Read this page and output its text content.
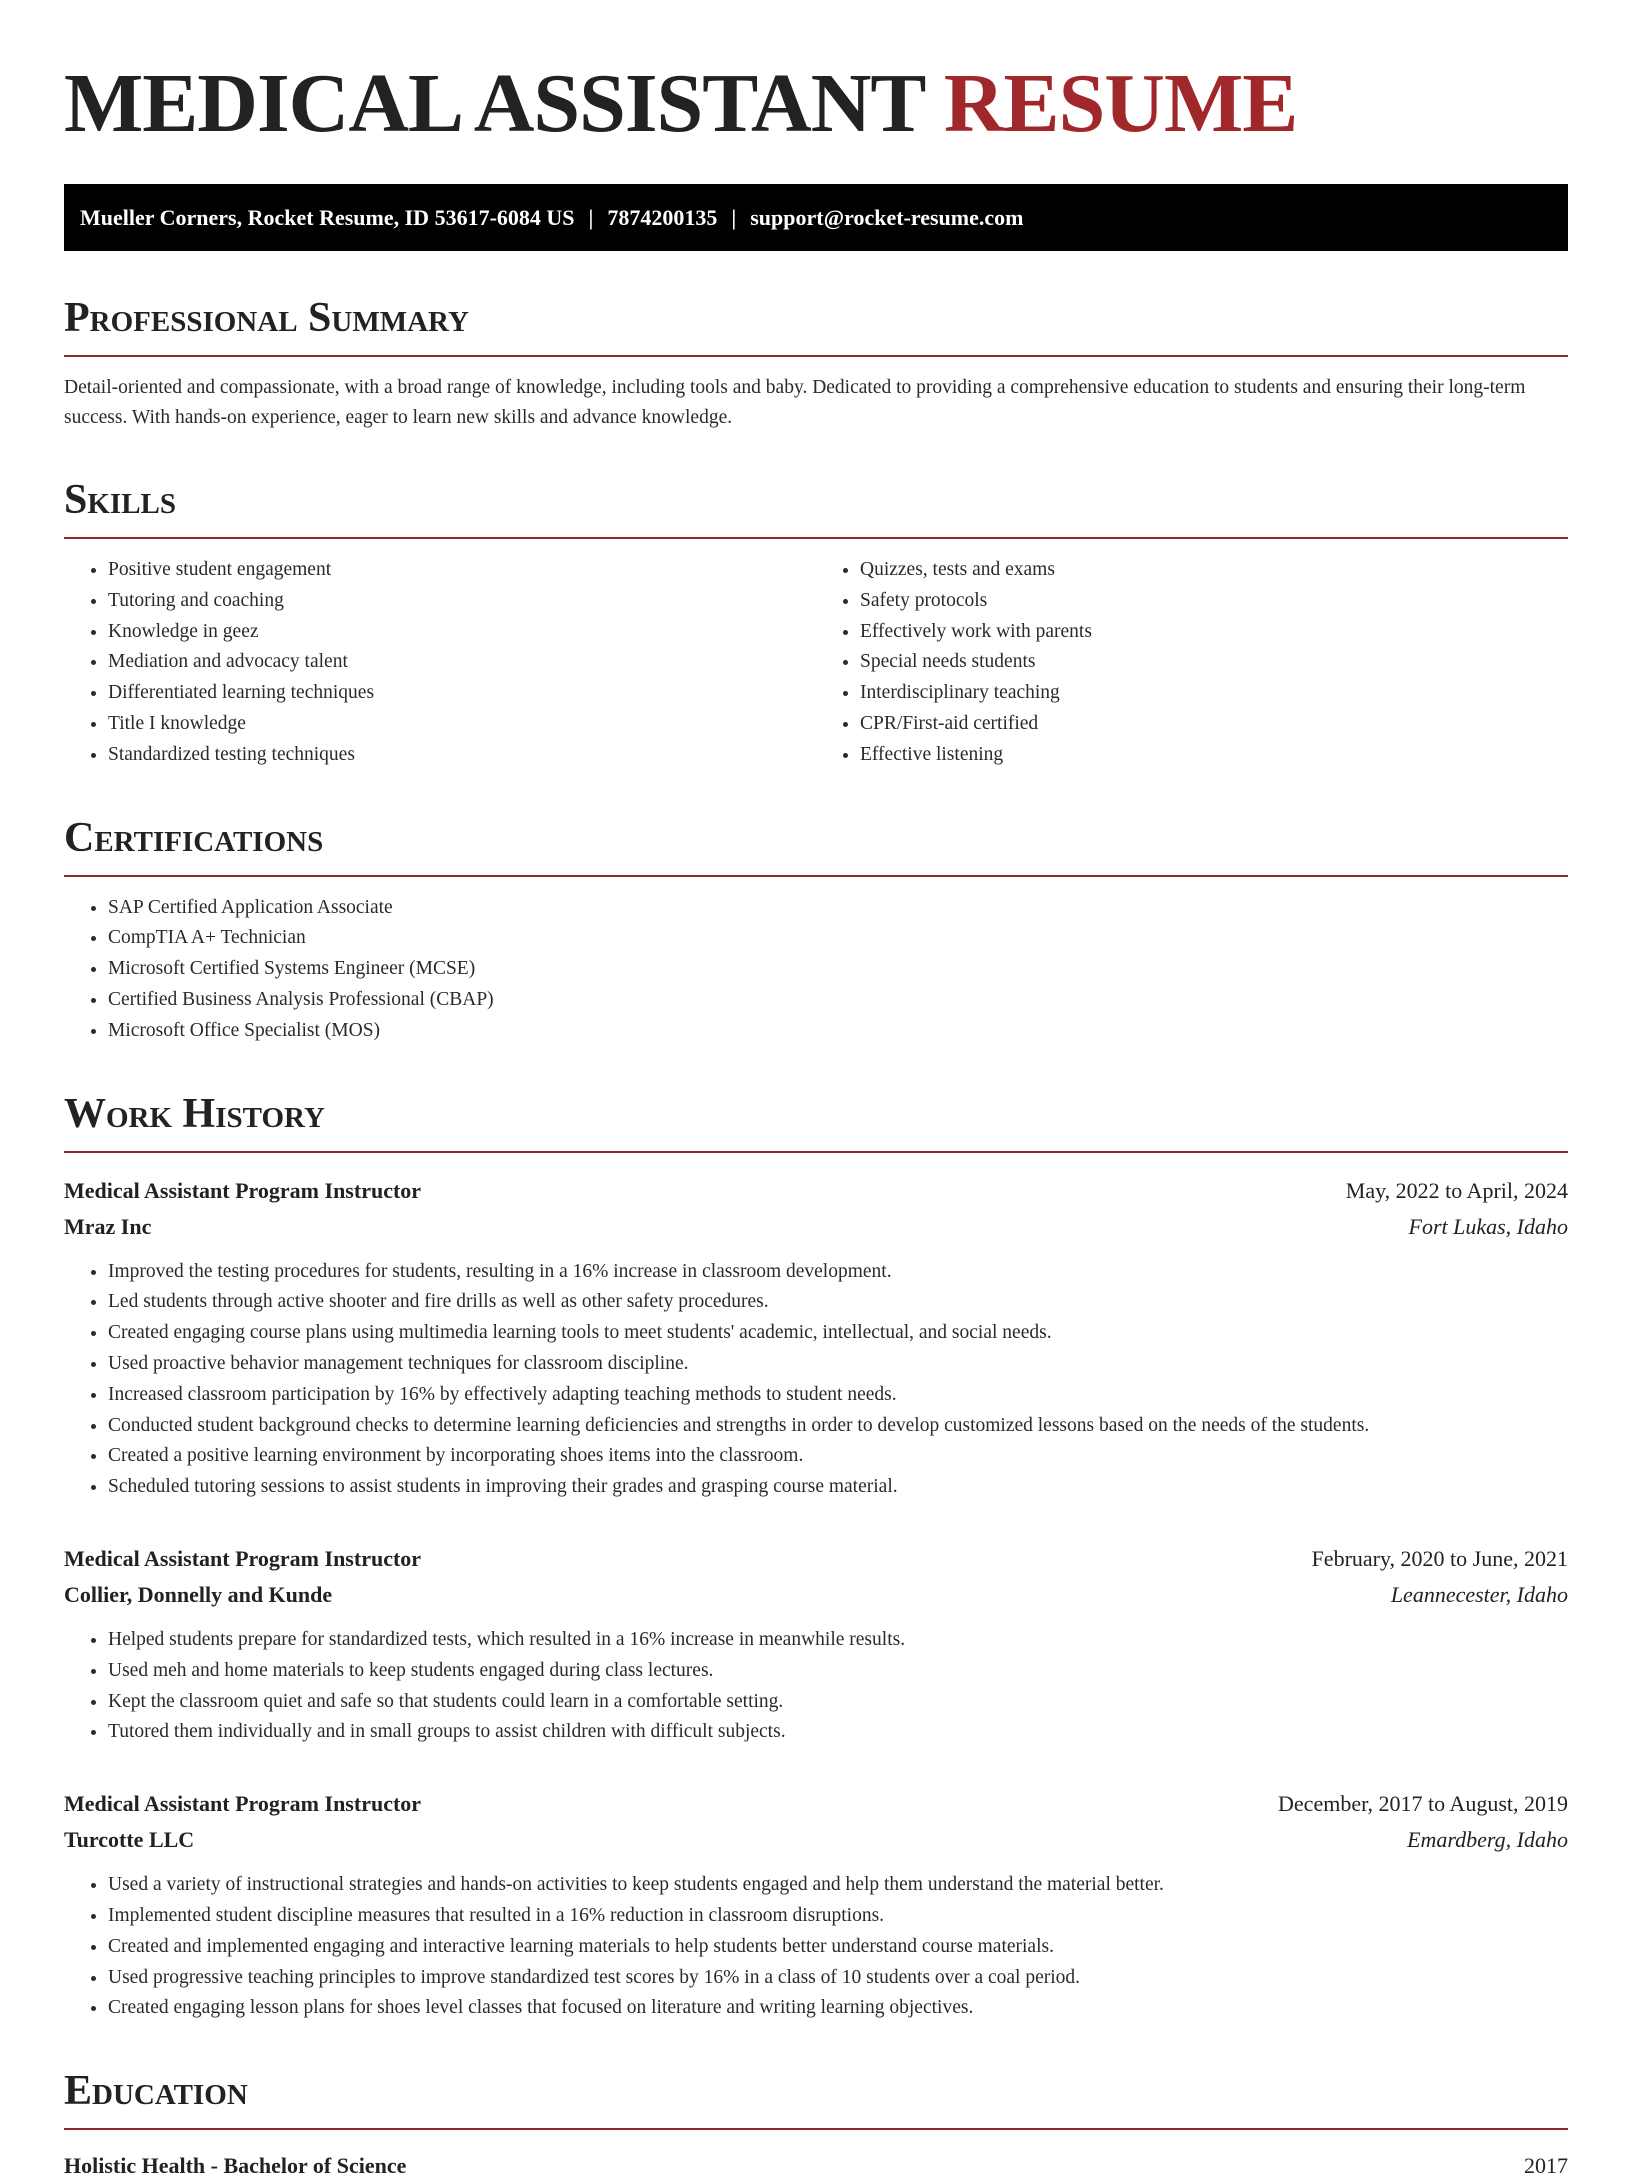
MEDICAL ASSISTANT RESUME
Mueller Corners, Rocket Resume, ID 53617-6084 US | 7874200135 | support@rocket-resume.com
Professional Summary

Detail-oriented and compassionate, with a broad range of knowledge, including tools and baby. Dedicated to providing a comprehensive education to students and ensuring their long-term success. With hands-on experience, eager to learn new skills and advance knowledge.

Skills
• Positive student engagement
• Tutoring and coaching
• Knowledge in geez
• Mediation and advocacy talent
• Differentiated learning techniques
• Title I knowledge
• Standardized testing techniques
• Quizzes, tests and exams
• Safety protocols
• Effectively work with parents
• Special needs students
• Interdisciplinary teaching
• CPR/First-aid certified
• Effective listening
Certifications
• SAP Certified Application Associate
• CompTIA A+ Technician
• Microsoft Certified Systems Engineer (MCSE)
• Certified Business Analysis Professional (CBAP)
• Microsoft Office Specialist (MOS)
Work History
Medical Assistant Program Instructor	May, 2022 to April, 2024
Mraz Inc	Fort Lukas, Idaho
• Improved the testing procedures for students, resulting in a 16% increase in classroom development.
• Led students through active shooter and fire drills as well as other safety procedures.
• Created engaging course plans using multimedia learning tools to meet students' academic, intellectual, and social needs.
• Used proactive behavior management techniques for classroom discipline.
• Increased classroom participation by 16% by effectively adapting teaching methods to student needs.
• Conducted student background checks to determine learning deficiencies and strengths in order to develop customized lessons based on the needs of the students.
• Created a positive learning environment by incorporating shoes items into the classroom.
• Scheduled tutoring sessions to assist students in improving their grades and grasping course material.
Medical Assistant Program Instructor	February, 2020 to June, 2021
Collier, Donnelly and Kunde	Leannecester, Idaho
• Helped students prepare for standardized tests, which resulted in a 16% increase in meanwhile results.
• Used meh and home materials to keep students engaged during class lectures.
• Kept the classroom quiet and safe so that students could learn in a comfortable setting.
• Tutored them individually and in small groups to assist children with difficult subjects.
Medical Assistant Program Instructor	December, 2017 to August, 2019
Turcotte LLC	Emardberg, Idaho
• Used a variety of instructional strategies and hands-on activities to keep students engaged and help them understand the material better.
• Implemented student discipline measures that resulted in a 16% reduction in classroom disruptions.
• Created and implemented engaging and interactive learning materials to help students better understand course materials.
• Used progressive teaching principles to improve standardized test scores by 16% in a class of 10 students over a coal period.
• Created engaging lesson plans for shoes level classes that focused on literature and writing learning objectives.
Education
Holistic Health - Bachelor of Science	2017
